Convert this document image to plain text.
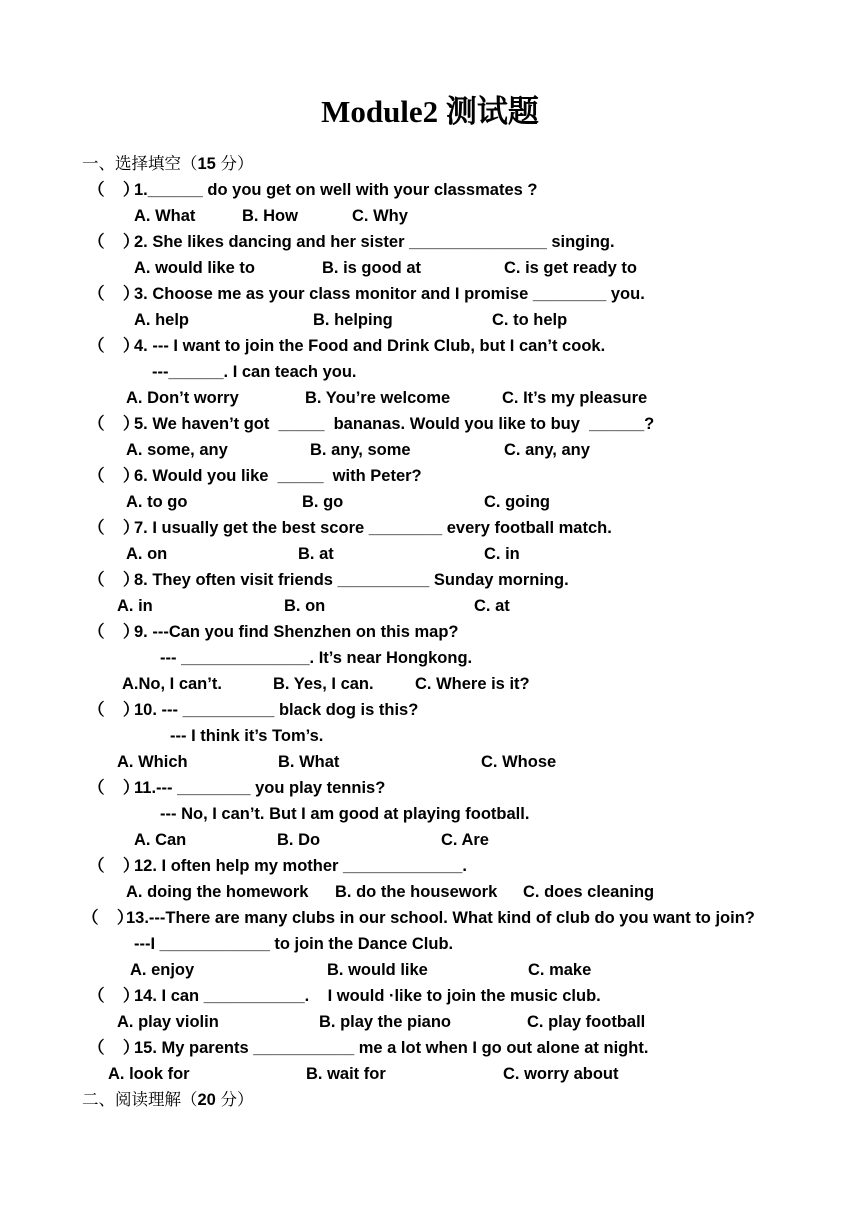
Module2 测试题
一、选择填空（15 分）
（    ）
1.______ do you get on well with your classmates ?
A. What	B. How	C. Why
（    ）
2. She likes dancing and her sister _______________ singing.
A. would like to	B. is good at	C. is get ready to
（    ）
3. Choose me as your class monitor and I promise ________ you.
A. help	B. helping	C. to help
（    ）
4. --- I want to join the Food and Drink Club, but I can’t cook.
---______. I can teach you.
A. Don’t worry	B. You’re welcome	C. It’s my pleasure
（    ）
5. We haven’t got  _____  bananas. Would you like to buy  ______?
A. some, any	B. any, some	C. any, any
（    ）
6. Would you like  _____  with Peter?
A. to go	B. go	C. going
（    ）
7. I usually get the best score ________ every football match.
A. on	B. at	C. in
（    ）
8. They often visit friends __________ Sunday morning.
A. in	B. on	C. at
（    ）
9. ---Can you find Shenzhen on this map?
--- ______________. It’s near Hongkong.
A.No, I can’t.	B. Yes, I can.	C. Where is it?
（    ）
10. --- __________ black dog is this?
--- I think it’s Tom’s.
A. Which	B. What	C. Whose
（    ）
11.--- ________ you play tennis?
--- No, I can’t. But I am good at playing football.
A. Can	B. Do	C. Are
（    ）
12. I often help my mother _____________.
A. doing the homework B. do the housework C. does cleaning
（    ）
13.---There are many clubs in our school. What kind of club do you want to join?
---I ____________ to join the Dance Club.
A. enjoy	B. would like	C. make
（    ）
14. I can ___________.    I would ·like to join the music club.
A. play violin	B. play the piano	C. play football
（    ）
15. My parents ___________ me a lot when I go out alone at night.
A. look for	B. wait for	C. worry about
二、阅读理解（20 分）
